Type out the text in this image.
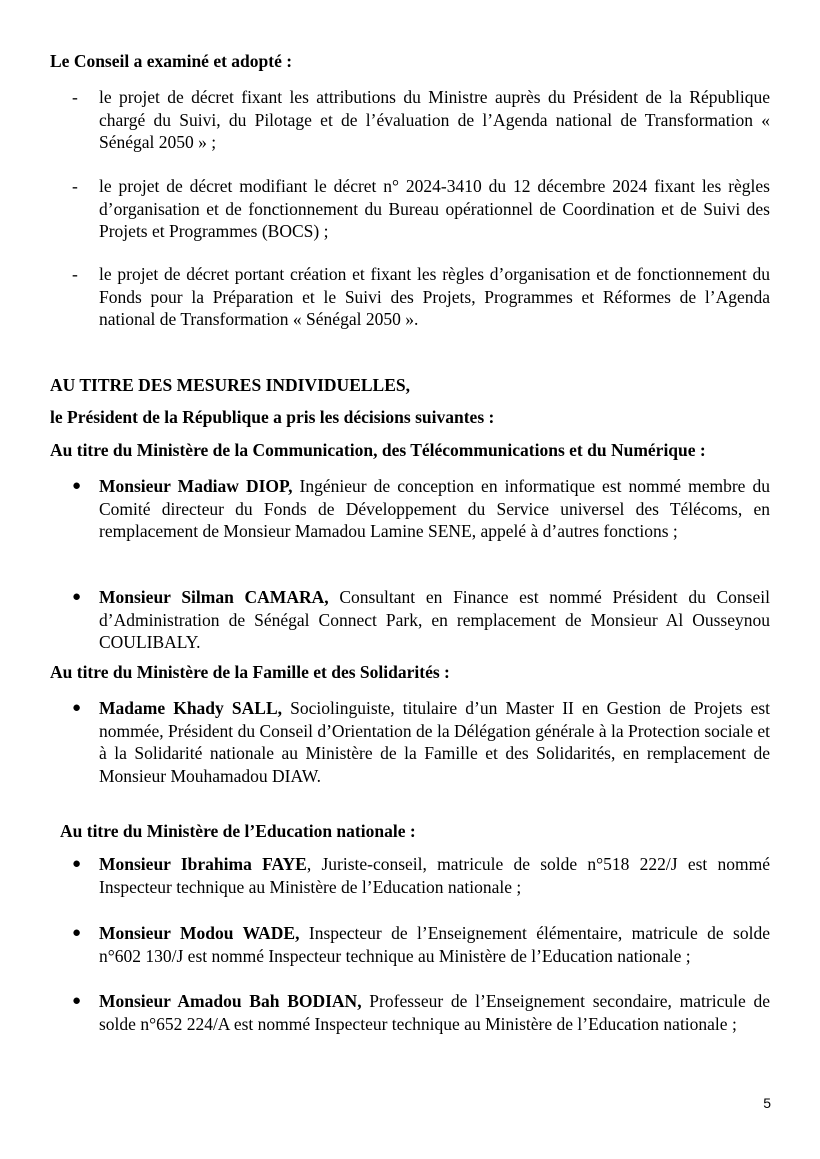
Le Conseil a examiné et adopté :

- le projet de décret fixant les attributions du Ministre auprès du Président de la République chargé du Suivi, du Pilotage et de l’évaluation de l’Agenda national de Transformation « Sénégal 2050 » ;
- le projet de décret modifiant le décret n° 2024-3410 du 12 décembre 2024 fixant les règles d’organisation et de fonctionnement du Bureau opérationnel de Coordination et de Suivi des Projets et Programmes (BOCS) ;
- le projet de décret portant création et fixant les règles d’organisation et de fonctionnement du Fonds pour la Préparation et le Suivi des Projets, Programmes et Réformes de l’Agenda national de Transformation « Sénégal 2050 ».

AU TITRE DES MESURES INDIVIDUELLES,

le Président de la République a pris les décisions suivantes :

Au titre du Ministère de la Communication, des Télécommunications et du Numérique :

● Monsieur Madiaw DIOP, Ingénieur de conception en informatique est nommé membre du Comité directeur du Fonds de Développement du Service universel des Télécoms, en remplacement de Monsieur Mamadou Lamine SENE, appelé à d’autres fonctions ;
● Monsieur Silman CAMARA, Consultant en Finance est nommé Président du Conseil d’Administration de Sénégal Connect Park, en remplacement de Monsieur Al Ousseynou COULIBALY.

Au titre du Ministère de la Famille et des Solidarités :

● Madame Khady SALL, Sociolinguiste, titulaire d’un Master II en Gestion de Projets est nommée, Président du Conseil d’Orientation de la Délégation générale à la Protection sociale et à la Solidarité nationale au Ministère de la Famille et des Solidarités, en remplacement de Monsieur Mouhamadou DIAW.

Au titre du Ministère de l’Education nationale :

● Monsieur Ibrahima FAYE, Juriste-conseil, matricule de solde n°518 222/J est nommé Inspecteur technique au Ministère de l’Education nationale ;
● Monsieur Modou WADE, Inspecteur de l’Enseignement élémentaire, matricule de solde n°602 130/J est nommé Inspecteur technique au Ministère de l’Education nationale ;
● Monsieur Amadou Bah BODIAN, Professeur de l’Enseignement secondaire, matricule de solde n°652 224/A est nommé Inspecteur technique au Ministère de l’Education nationale ;
5
